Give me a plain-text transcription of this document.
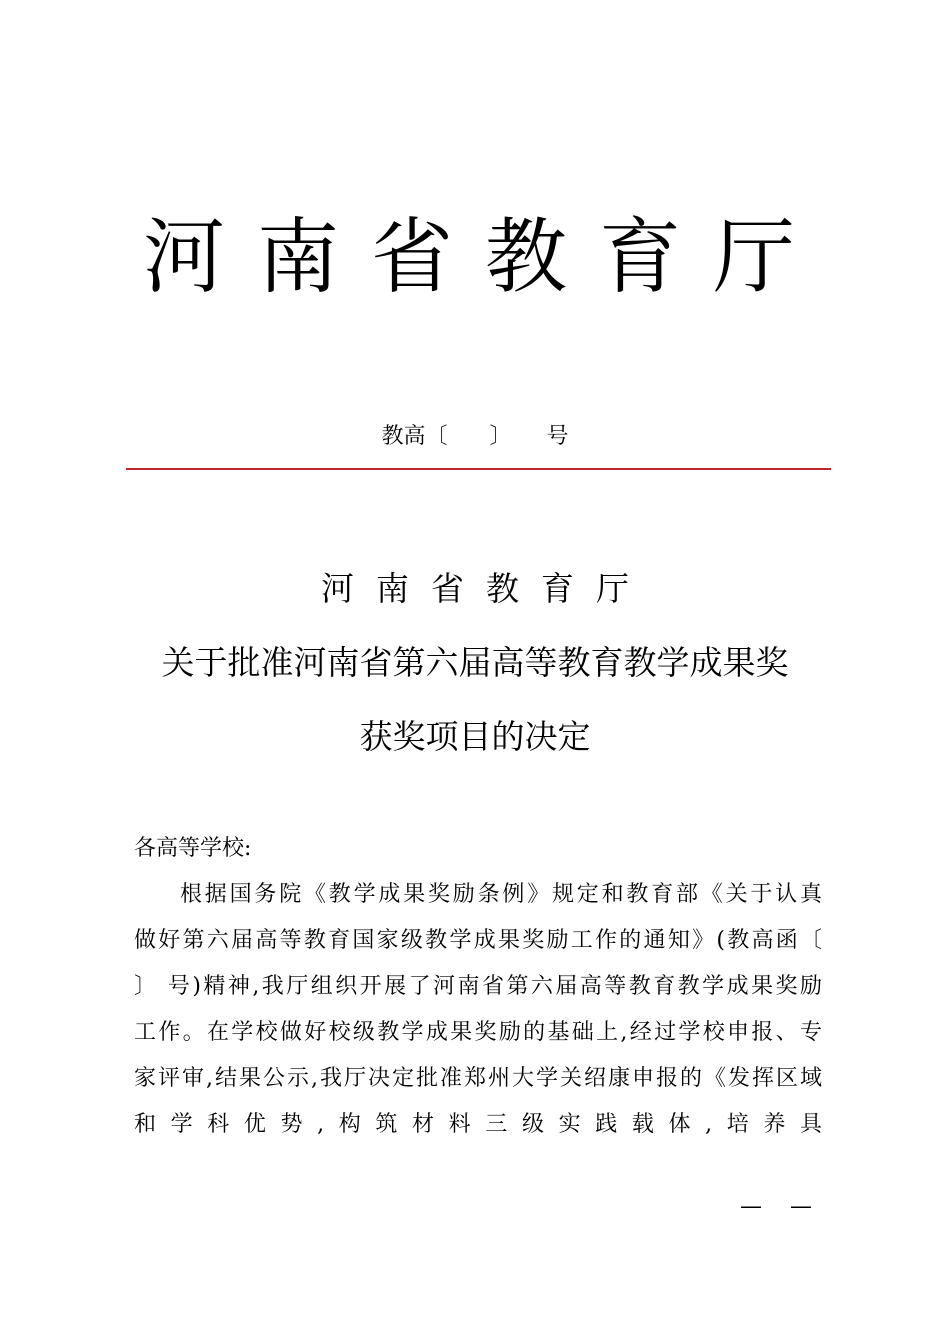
河南省教育厅
教高〔      〕     号
河南省教育厅
关于批准河南省第六届高等教育教学成果奖
获奖项目的决定

各高等学校:

根据国务院《教学成果奖励条例》规定和教育部《关于认真做好第六届高等教育国家级教学成果奖励工作的通知》(教高函〔 〕 号)精神,我厅组织开展了河南省第六届高等教育教学成果奖励工作。在学校做好校级教学成果奖励的基础上,经过学校申报、专家评审,结果公示,我厅决定批准郑州大学关绍康申报的《发挥区域和学科优势,构筑材料三级实践载体,培养具

—    —
